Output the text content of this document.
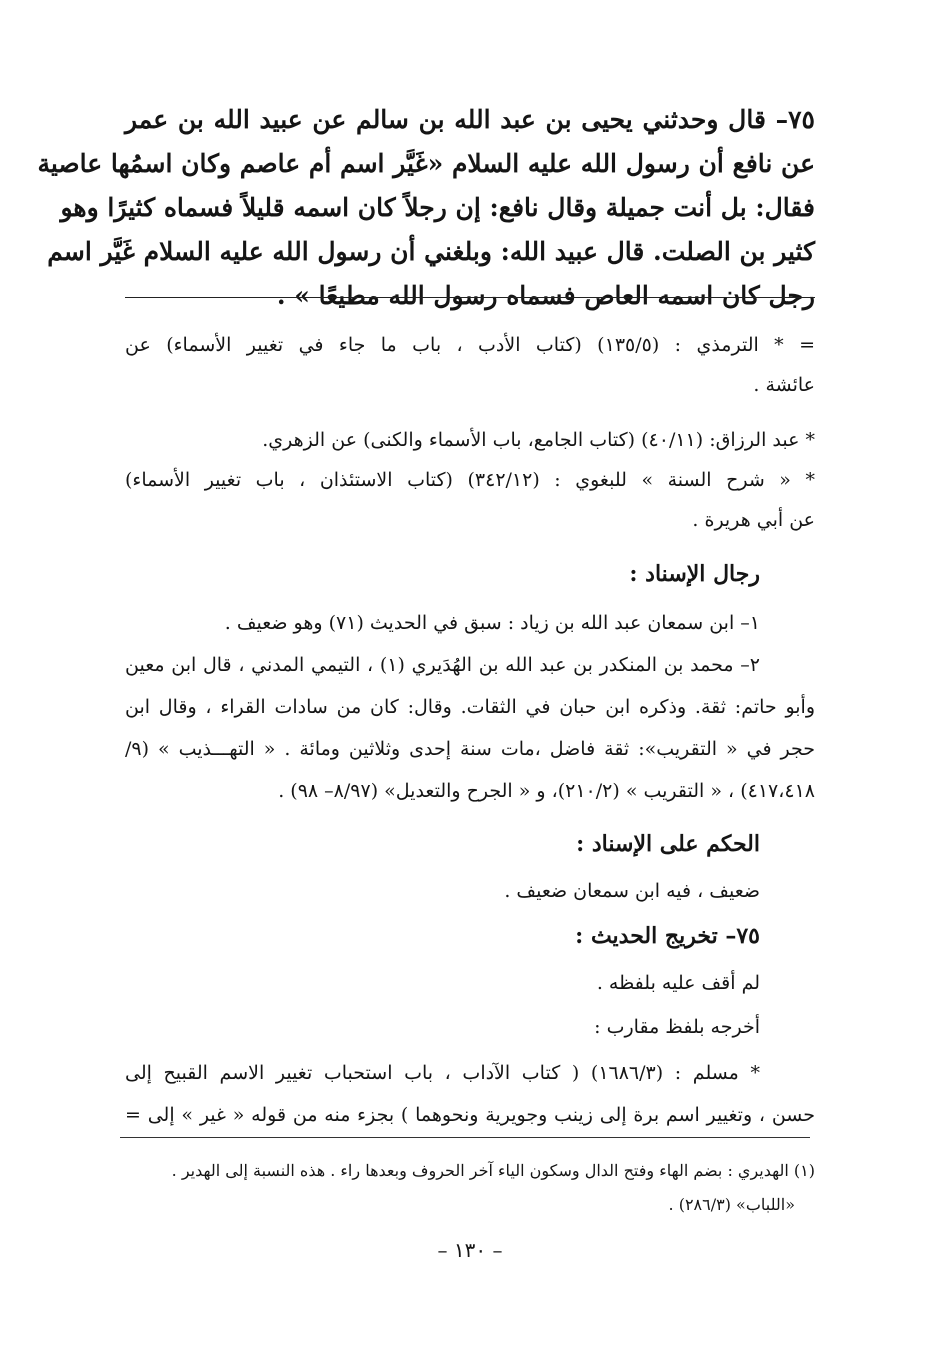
٧٥– قال وحدثني يحيى بن عبد الله بن سالم عن عبيد الله بن عمر
عن نافع أن رسول الله عليه السلام «غَيَّر اسم أم عاصم وكان اسمُها عاصية
فقال: بل أنت جميلة وقال نافع: إن رجلاً كان اسمه قليلاً فسماه كثيرًا وهو
كثير بن الصلت. قال عبيد الله: وبلغني أن رسول الله عليه السلام غَيَّر اسم
رجل كان اسمه العاص فسماه رسول الله مطيعًا » .
= * الترمذي : (١٣٥/٥) (كتاب الأدب ، باب ما جاء في تغيير الأسماء) عن
عائشة .
* عبد الرزاق: (٤٠/١١) (كتاب الجامع، باب الأسماء والكنى) عن الزهري.
* « شرح السنة » للبغوي : (٣٤٢/١٢) (كتاب الاستئذان ، باب تغيير الأسماء)
عن أبي هريرة .
رجال الإسناد :
١– ابن سمعان عبد الله بن زياد : سبق في الحديث (٧١) وهو ضعيف .
٢– محمد بن المنكدر بن عبد الله بن الهُدَيري (١) ، التيمي المدني ، قال ابن معين
وأبو حاتم: ثقة. وذكره ابن حبان في الثقات. وقال: كان من سادات القراء ، وقال ابن
حجر في « التقريب»: ثقة فاضل ،مات سنة إحدى وثلاثين ومائة . « التهـــذيب » (٩/
٤١٧،٤١٨) ، « التقريب » (٢١٠/٢)، و « الجرح والتعديل» (٨/٩٧– ٩٨) .
الحكم على الإسناد :
ضعيف ، فيه ابن سمعان ضعيف .
٧٥– تخريج الحديث :
لم أقف عليه بلفظه .
أخرجه بلفظ مقارب :
* مسلم : (١٦٨٦/٣) ( كتاب الآداب ، باب استحباب تغيير الاسم القبيح إلى
حسن ، وتغيير اسم برة إلى زينب وجويرية ونحوهما ) بجزء منه من قوله « غير » إلى =
(١) الهديري : بضم الهاء وفتح الدال وسكون الياء آخر الحروف وبعدها راء . هذه النسبة إلى الهدير .
«اللباب» (٢٨٦/٣) .
– ١٣٠ –
